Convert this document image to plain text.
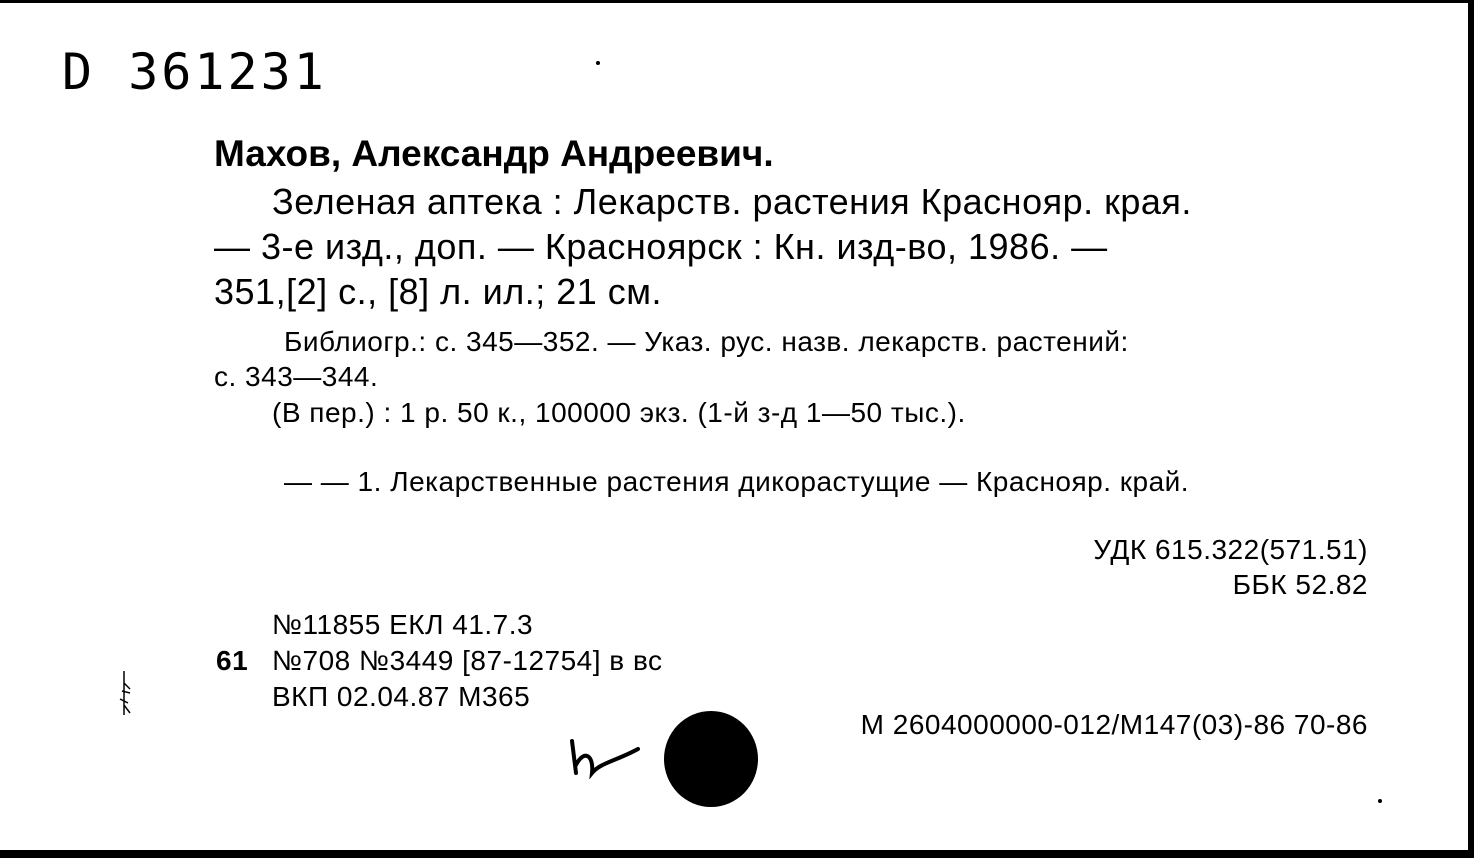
D 361231
Махов, Александр Андреевич.
Зеленая аптека : Лекарств. растения Краснояр. края.
— 3-е изд., доп. — Красноярск : Кн. изд-во, 1986. —
351,[2] с., [8] л. ил.; 21 см.
Библиогр.: с. 345—352. — Указ. рус. назв. лекарств. растений:
с. 343—344.
(В пер.) : 1 р. 50 к., 100000 экз. (1-й з-д 1—50 тыс.).
— — 1. Лекарственные растения дикорастущие — Краснояр. край.
УДК 615.322(571.51)
ББК 52.82
№11855 ЕКЛ 41.7.3
61 №708 №3449 [87-12754] в вс
ВКП 02.04.87 М365
М 2604000000-012/М147(03)-86 70-86
